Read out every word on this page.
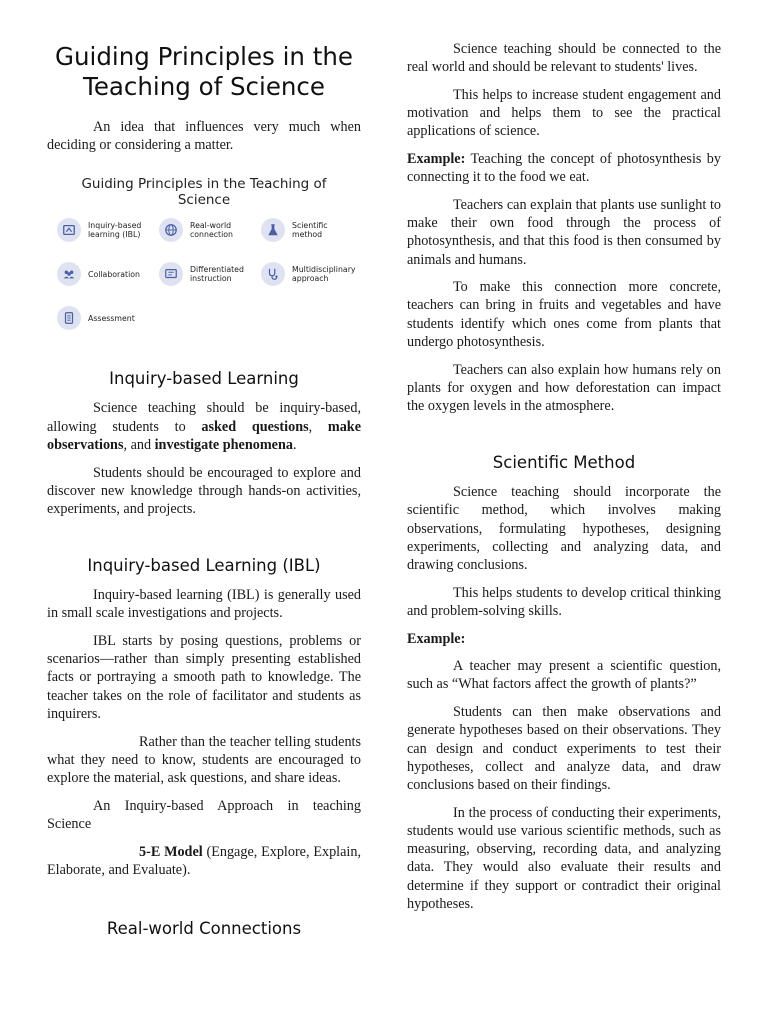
Guiding Principles in the Teaching of Science

An idea that influences very much when deciding or considering a matter.

Guiding Principles in the Teaching of Science
Inquiry-based learning (IBL)
Real-world connection
Scientific method
Collaboration	Differentiated instruction
Multidisciplinary approach
Assessment
Inquiry-based Learning

Science teaching should be inquiry-based, allowing students to asked questions, make observations, and investigate phenomena.

Students should be encouraged to explore and discover new knowledge through hands-on activities, experiments, and projects.

Inquiry-based Learning (IBL)

Inquiry-based learning (IBL) is generally used in small scale investigations and projects.

IBL starts by posing questions, problems or scenarios—rather than simply presenting established facts or portraying a smooth path to knowledge. The teacher takes on the role of facilitator and students as inquirers.

Rather than the teacher telling students what they need to know, students are encouraged to explore the material, ask questions, and share ideas.

An Inquiry-based Approach in teaching Science

5-E Model (Engage, Explore, Explain, Elaborate, and Evaluate).

Real-world Connections

Science teaching should be connected to the real world and should be relevant to students' lives.

This helps to increase student engagement and motivation and helps them to see the practical applications of science.

Example: Teaching the concept of photosynthesis by connecting it to the food we eat.

Teachers can explain that plants use sunlight to make their own food through the process of photosynthesis, and that this food is then consumed by animals and humans.

To make this connection more concrete, teachers can bring in fruits and vegetables and have students identify which ones come from plants that undergo photosynthesis.

Teachers can also explain how humans rely on plants for oxygen and how deforestation can impact the oxygen levels in the atmosphere.

Scientific Method

Science teaching should incorporate the scientific method, which involves making observations, formulating hypotheses, designing experiments, collecting and analyzing data, and drawing conclusions.

This helps students to develop critical thinking and problem-solving skills.

Example:

A teacher may present a scientific question, such as “What factors affect the growth of plants?”

Students can then make observations and generate hypotheses based on their observations. They can design and conduct experiments to test their hypotheses, collect and analyze data, and draw conclusions based on their findings.

In the process of conducting their experiments, students would use various scientific methods, such as measuring, observing, recording data, and analyzing data. They would also evaluate their results and determine if they support or contradict their original hypotheses.
